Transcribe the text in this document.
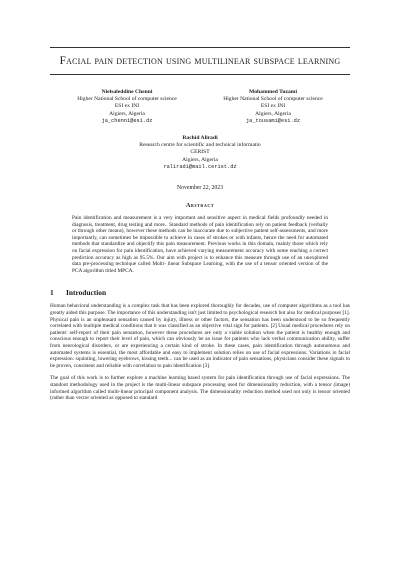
Facial pain detection using multilinear subspace learning
Nielsaleddine Chenni
Higher National School of computer science
ESI ex INI
Algiers, Algeria
ja_chenni@esi.dz
Mohammed Tuzami
Higher National School of computer science
ESI ex INI
Algiers, Algeria
ja_tousami@esi.dz
Rachid Aliradi
Research centre for scientific and technical informatio
CERIST
Algiers, Algeria
raliradi@mail.cerist.dz
November 22, 2023
Abstract
Pain identification and measurement is a very important and sensitive aspect in medical fields profoundly needed in diagnosis, treatment, drug testing and more.. Standard methods of pain identification rely on patient feedback (verbally or through other means), however these methods can be inaccurate due to subjective patient self-assessments, and more importantly, can sometimes be impossible to achieve in cases of strokes or with infants, hence the need for automated methods that standardize and objectify this pain measurement. Previous works in this domain, mainly those which rely on facial expression for pain identification, have achieved varying measurement accuracy with some reaching a correct prediction accuracy as high as 95.5%. Our aim with project is to enhance this measure through use of an unexplored data pre-processing technique called Multi- linear Subspace Learning, with the use of a tensor oriented version of the PCA algorithm titled MPCA.
1	Introduction
Human behavioral understanding is a complex task that has been explored thoroughly for decades, use of computer algorithms as a tool has greatly aided this purpose. The importance of this understanding isn't just limited to psychological research but also for medical purposes [1]. Physical pain is an unpleasant sensation caused by injury, illness or other factors, the sensation has been understood to be so frequently correlated with multiple medical conditions that it was classified as an objective vital sign for patients. [2] Usual medical procedures rely on patients' self-report of their pain sensation, however these procedures are only a viable solution when the patient is healthy enough and conscious enough to report their level of pain, which can obviously be an issue for patients who lack verbal communication ability, suffer from neurological disorders, or are experiencing a certain kind of stroke. In these cases, pain identification through autonomous and automated systems is essential, the most affordable and easy to implement solution relies on use of facial expressions. Variations in facial expression: squinting, lowering eyebrows, kissing teeth... can be used as an indicator of pain sensations, physicians consider these signals to be proven, consistent and reliable with correlation to pain identification [3].
The goal of this work is to further explore a machine learning based system for pain identification through use of facial expressions. The standout methodology used in the project is the multi-linear subspace processing used for dimensionality reduction, with a tensor (image) informed algorithm called multi-linear principal component analysis. The dimensionality reduction method used not only is tensor oriented (rather than vector oriented as opposed to standard
